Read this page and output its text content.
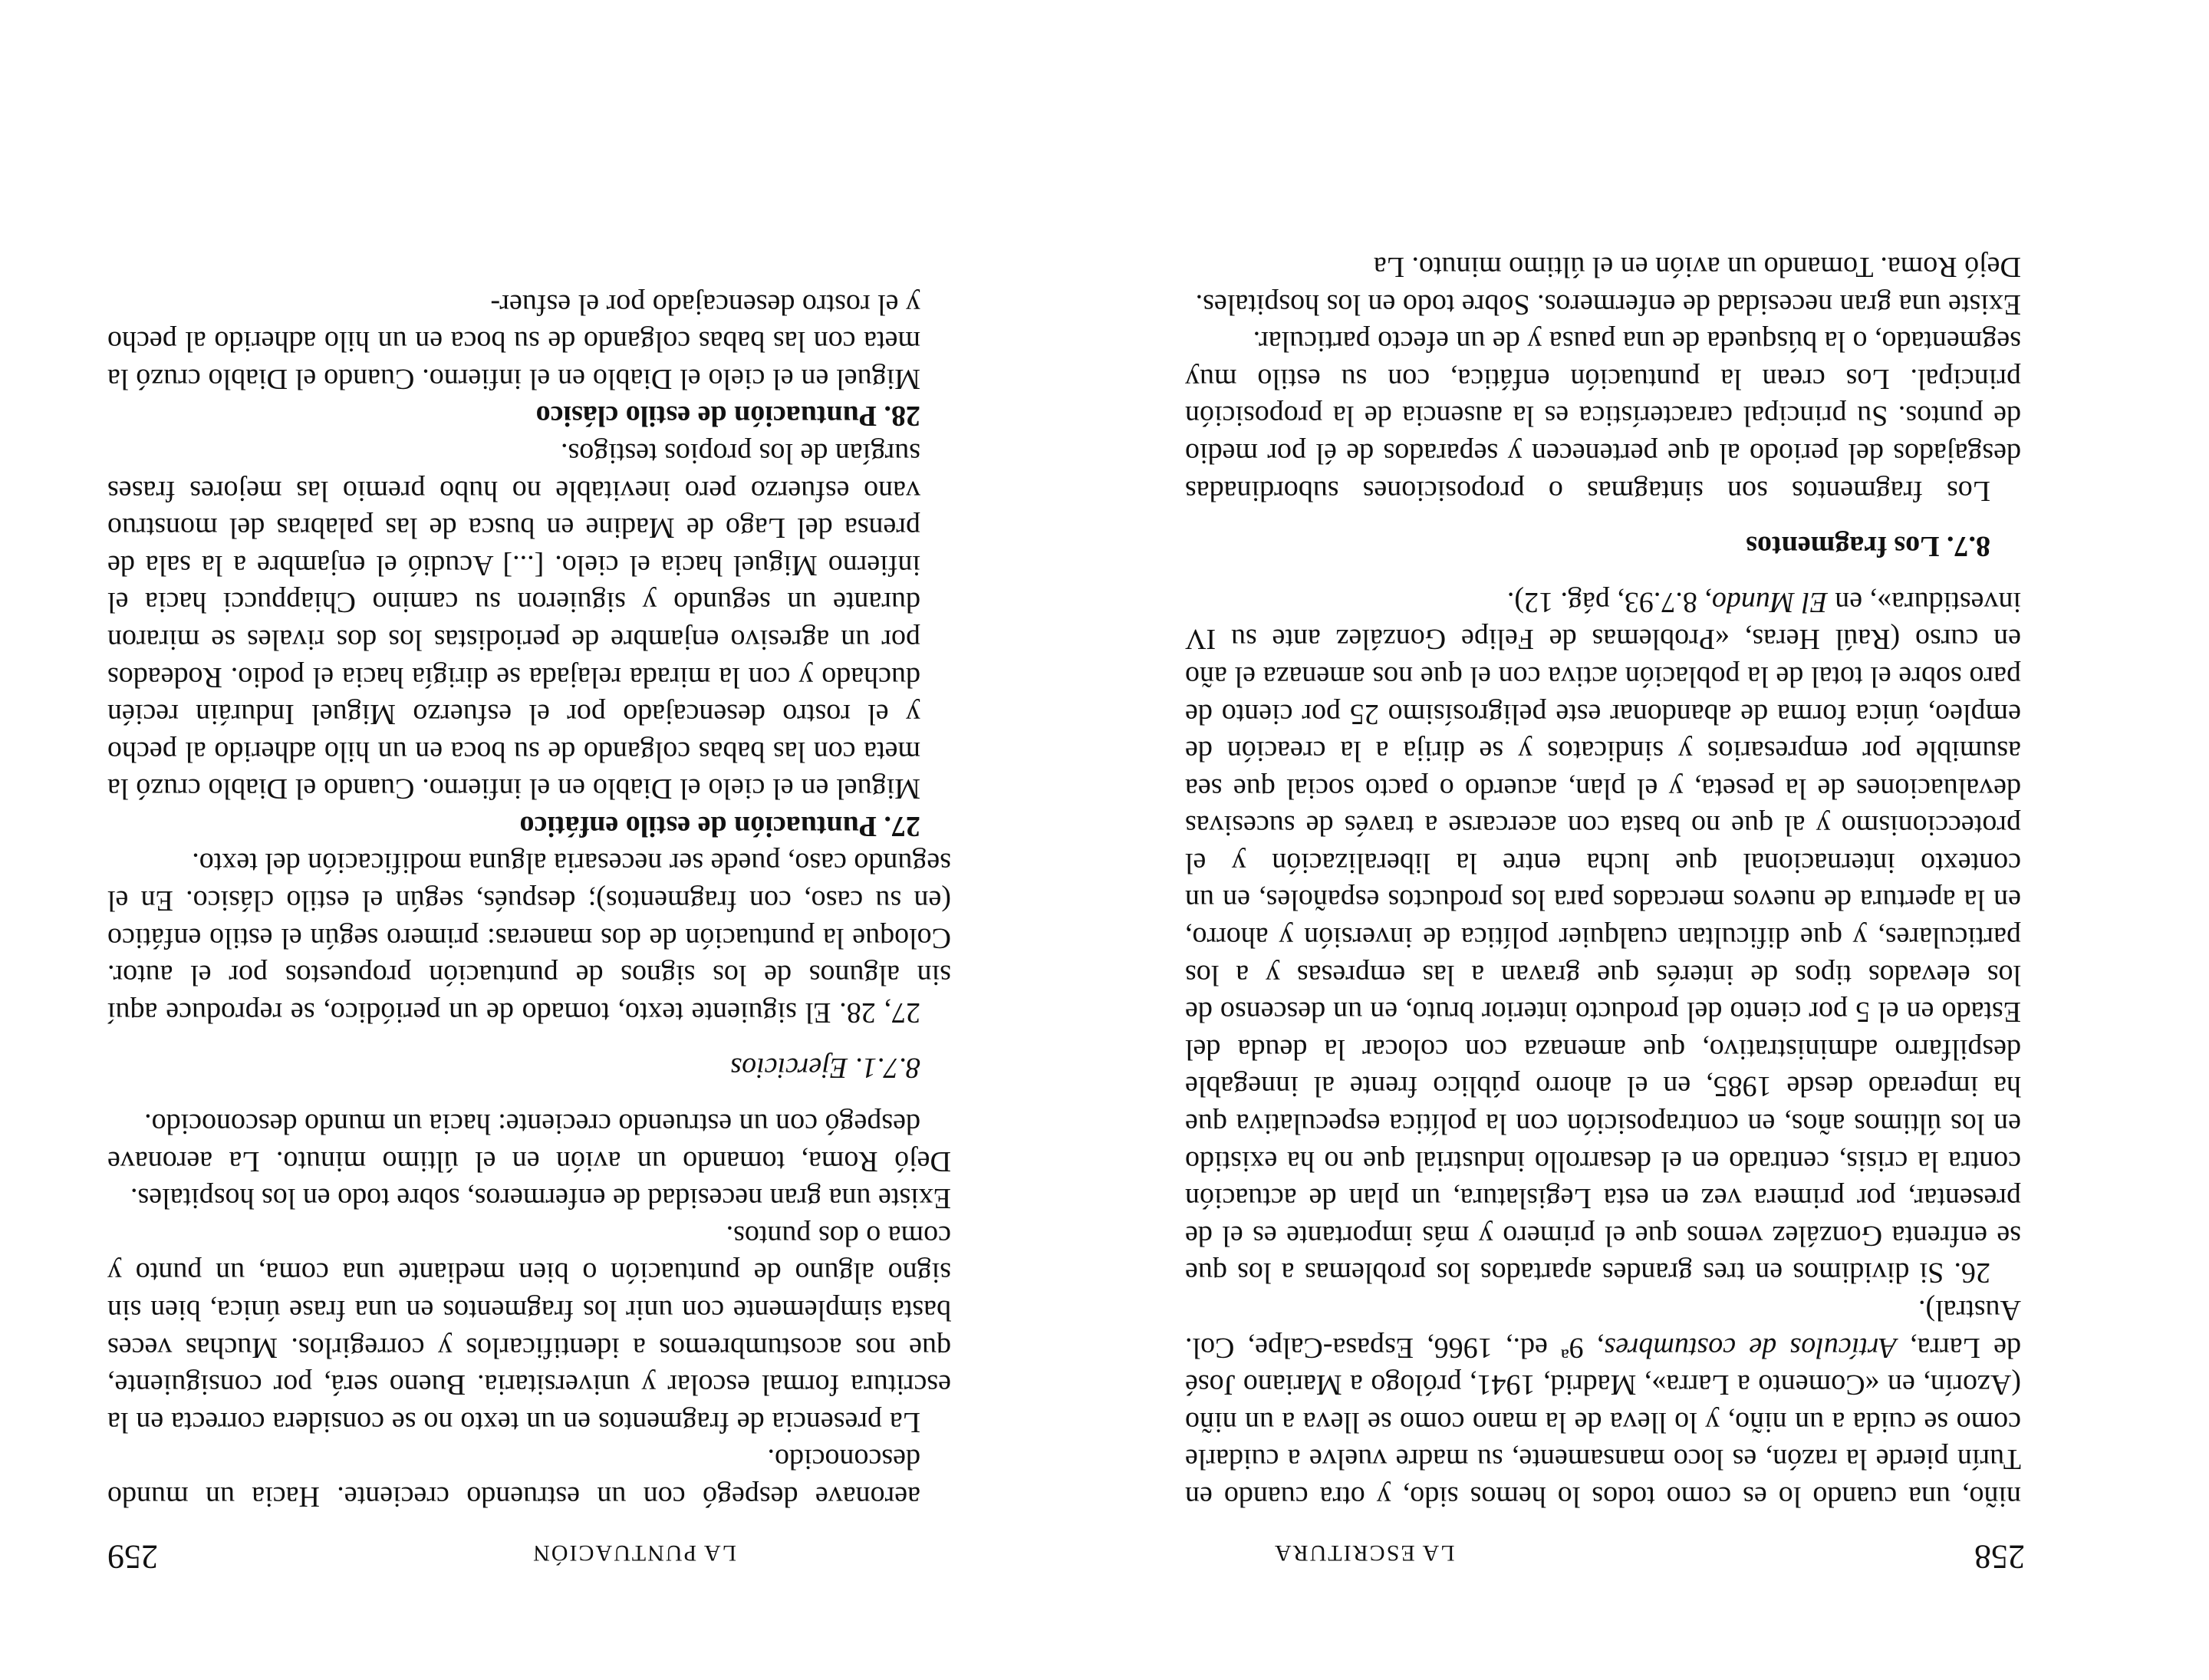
258
LA ESCRITURA

niño, una cuando lo es como todos lo hemos sido, y otra cuando en Turín pierde la razón, es loco mansamente, su madre vuelve a cuidarle como se cuida a un niño, y lo lleva de la mano como se lleva a un niño (Azorín, en «Comento a Larra», Madrid, 1941, prólogo a Mariano José de Larra, Artículos de costumbres, 9ª ed., 1966, Espasa-Calpe, Col. Austral).

26. Si dividimos en tres grandes apartados los problemas a los que se enfrenta González vemos que el primero y más importante es el de presentar, por primera vez en esta Legislatura, un plan de actuación contra la crisis, centrado en el desarrollo industrial que no ha existido en los últimos años, en contraposición con la política especulativa que ha imperado desde 1985, en el ahorro público frente al innegable despilfarro administrativo, que amenaza con colocar la deuda del Estado en el 5 por ciento del producto interior bruto, en un descenso de los elevados tipos de interés que gravan a las empresas y a los particulares, y que dificultan cualquier política de inversión y ahorro, en la apertura de nuevos mercados para los productos españoles, en un contexto internacional que lucha entre la liberalización y el proteccionismo y al que no basta con acercarse a través de sucesivas devaluaciones de la peseta, y el plan, acuerdo o pacto social que sea asumible por empresarios y sindicatos y se dirija a la creación de empleo, única forma de abandonar este peligrosísimo 25 por ciento de paro sobre el total de la población activa con el que nos amenaza el año en curso (Raúl Heras, «Problemas de Felipe González ante su IV investidura», en El Mundo, 8.7.93, pág. 12).

8.7. Los fragmentos

Los fragmentos son sintagmas o proposiciones subordinadas desgajados del periodo al que pertenecen y separados de él por medio de puntos. Su principal característica es la ausencia de la proposición principal. Los crean la puntuación enfática, con su estilo muy segmentado, o la búsqueda de una pausa y de un efecto particular.

Existe una gran necesidad de enfermeros. Sobre todo en los hospitales.

Dejó Roma. Tomando un avión en el último minuto. La

LA PUNTUACIÓN
259

aeronave despegó con un estruendo creciente. Hacia un mundo desconocido.

La presencia de fragmentos en un texto no se considera correcta en la escritura formal escolar y universitaria. Bueno será, por consiguiente, que nos acostumbremos a identificarlos y corregirlos. Muchas veces basta simplemente con unir los fragmentos en una frase única, bien sin signo alguno de puntuación o bien mediante una coma, un punto y coma o dos puntos.

Existe una gran necesidad de enfermeros, sobre todo en los hospitales.

Dejó Roma, tomando un avión en el último minuto. La aeronave despegó con un estruendo creciente: hacia un mundo desconocido.

8.7.1. Ejercicios

27, 28. El siguiente texto, tomado de un periódico, se reproduce aquí sin algunos de los signos de puntuación propuestos por el autor. Coloque la puntuación de dos maneras: primero según el estilo enfático (en su caso, con fragmentos); después, según el estilo clásico. En el segundo caso, puede ser necesaria alguna modificación del texto.

27. Puntuación de estilo enfático

Miguel en el cielo el Diablo en el infierno. Cuando el Diablo cruzó la meta con las babas colgando de su boca en un hilo adherido al pecho y el rostro desencajado por el esfuerzo Miguel Induráin recién duchado y con la mirada relajada se dirigía hacia el podio. Rodeados por un agresivo enjambre de periodistas los dos rivales se miraron durante un segundo y siguieron su camino Chiappucci hacia el infierno Miguel hacia el cielo. [...] Acudió el enjambre a la sala de prensa del Lago de Madine en busca de las palabras del monstruo vano esfuerzo pero inevitable no hubo premio las mejores frases surgían de los propios testigos.

28. Puntuación de estilo clásico

Miguel en el cielo el Diablo en el infierno. Cuando el Diablo cruzó la meta con las babas colgando de su boca en un hilo adherido al pecho y el rostro desencajado por el esfuer-
